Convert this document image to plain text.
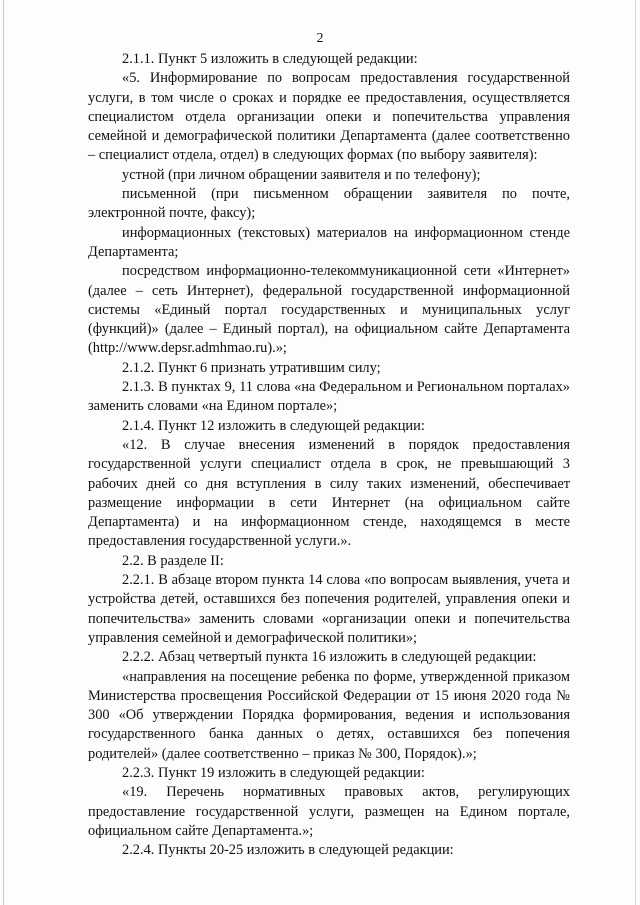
2

2.1.1. Пункт 5 изложить в следующей редакции:

«5. Информирование по вопросам предоставления государственной услуги, в том числе о сроках и порядке ее предоставления, осуществляется специалистом отдела организации опеки и попечительства управления семейной и демографической политики Департамента (далее соответственно – специалист отдела, отдел) в следующих формах (по выбору заявителя):

устной (при личном обращении заявителя и по телефону);

письменной (при письменном обращении заявителя по почте, электронной почте, факсу);

информационных (текстовых) материалов на информационном стенде Департамента;

посредством информационно-телекоммуникационной сети «Интернет» (далее – сеть Интернет), федеральной государственной информационной системы «Единый портал государственных и муниципальных услуг (функций)» (далее – Единый портал), на официальном сайте Департамента (http://www.depsr.admhmao.ru).»;

2.1.2. Пункт 6 признать утратившим силу;

2.1.3. В пунктах 9, 11 слова «на Федеральном и Региональном порталах» заменить словами «на Едином портале»;

2.1.4. Пункт 12 изложить в следующей редакции:

«12. В случае внесения изменений в порядок предоставления государственной услуги специалист отдела в срок, не превышающий 3 рабочих дней со дня вступления в силу таких изменений, обеспечивает размещение информации в сети Интернет (на официальном сайте Департамента) и на информационном стенде, находящемся в месте предоставления государственной услуги.».

2.2. В разделе II:

2.2.1. В абзаце втором пункта 14 слова «по вопросам выявления, учета и устройства детей, оставшихся без попечения родителей, управления опеки и попечительства» заменить словами «организации опеки и попечительства управления семейной и демографической политики»;

2.2.2. Абзац четвертый пункта 16 изложить в следующей редакции:

«направления на посещение ребенка по форме, утвержденной приказом Министерства просвещения Российской Федерации от 15 июня 2020 года № 300 «Об утверждении Порядка формирования, ведения и использования государственного банка данных о детях, оставшихся без попечения родителей» (далее соответственно – приказ № 300, Порядок).»;

2.2.3. Пункт 19 изложить в следующей редакции:

«19. Перечень нормативных правовых актов, регулирующих предоставление государственной услуги, размещен на Едином портале, официальном сайте Департамента.»;

2.2.4. Пункты 20-25 изложить в следующей редакции:
